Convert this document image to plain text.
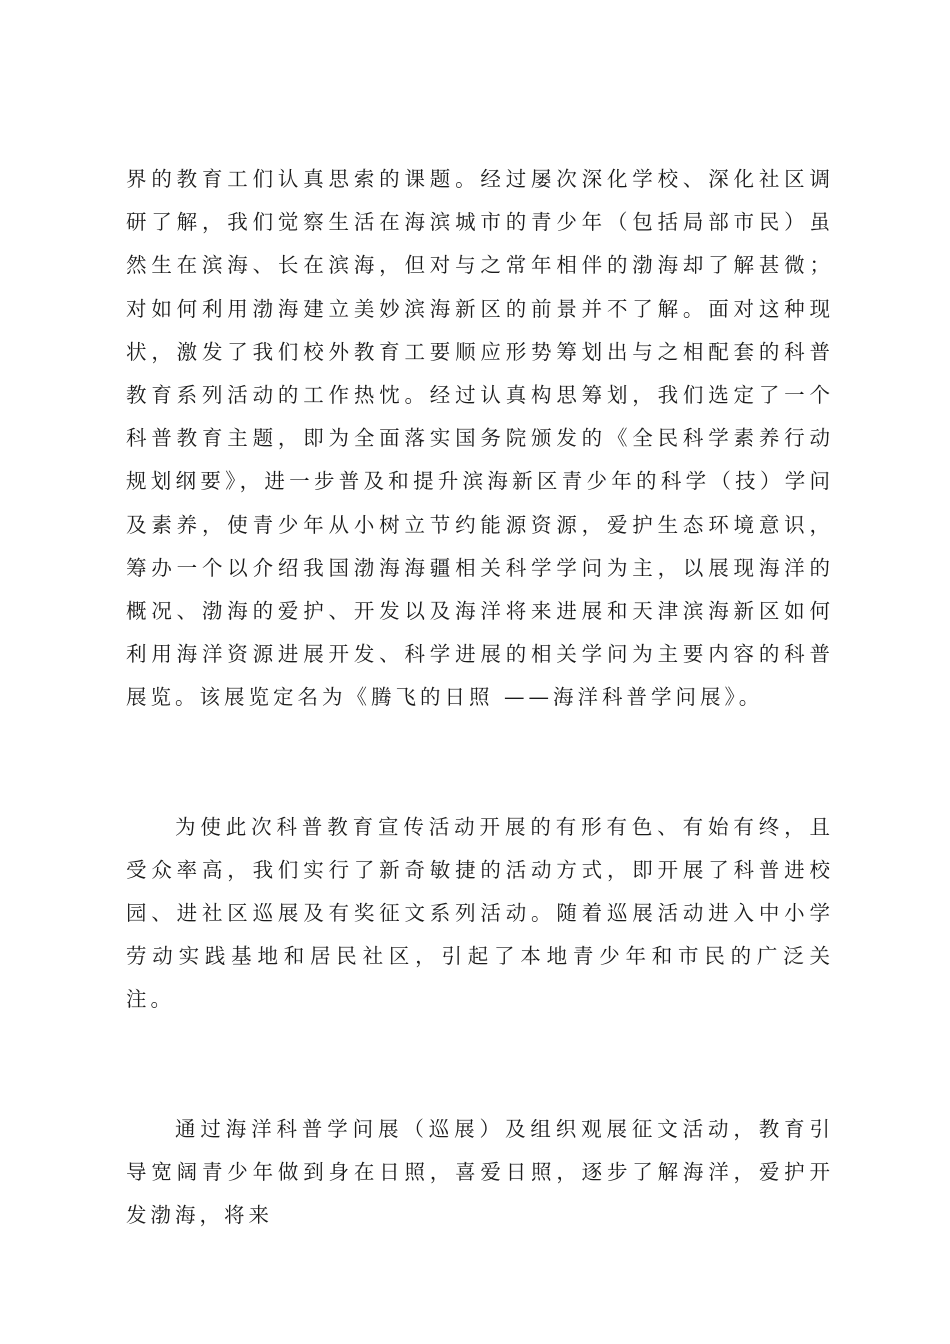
界的教育工们认真思索的课题。经过屡次深化学校、深化社区调研了解，我们觉察生活在海滨城市的青少年（包括局部市民）虽然生在滨海、长在滨海，但对与之常年相伴的渤海却了解甚微；对如何利用渤海建立美妙滨海新区的前景并不了解。面对这种现状，激发了我们校外教育工要顺应形势筹划出与之相配套的科普教育系列活动的工作热忱。经过认真构思筹划，我们选定了一个科普教育主题，即为全面落实国务院颁发的《全民科学素养行动规划纲要》，进一步普及和提升滨海新区青少年的科学（技）学问及素养，使青少年从小树立节约能源资源，爱护生态环境意识，筹办一个以介绍我国渤海海疆相关科学学问为主，以展现海洋的概况、渤海的爱护、开发以及海洋将来进展和天津滨海新区如何利用海洋资源进展开发、科学进展的相关学问为主要内容的科普展览。该展览定名为《腾飞的日照 ——海洋科普学问展》。

为使此次科普教育宣传活动开展的有形有色、有始有终，且受众率高，我们实行了新奇敏捷的活动方式，即开展了科普进校园、进社区巡展及有奖征文系列活动。随着巡展活动进入中小学劳动实践基地和居民社区，引起了本地青少年和市民的广泛关注。

通过海洋科普学问展（巡展）及组织观展征文活动，教育引导宽阔青少年做到身在日照，喜爱日照，逐步了解海洋，爱护开发渤海，将来
